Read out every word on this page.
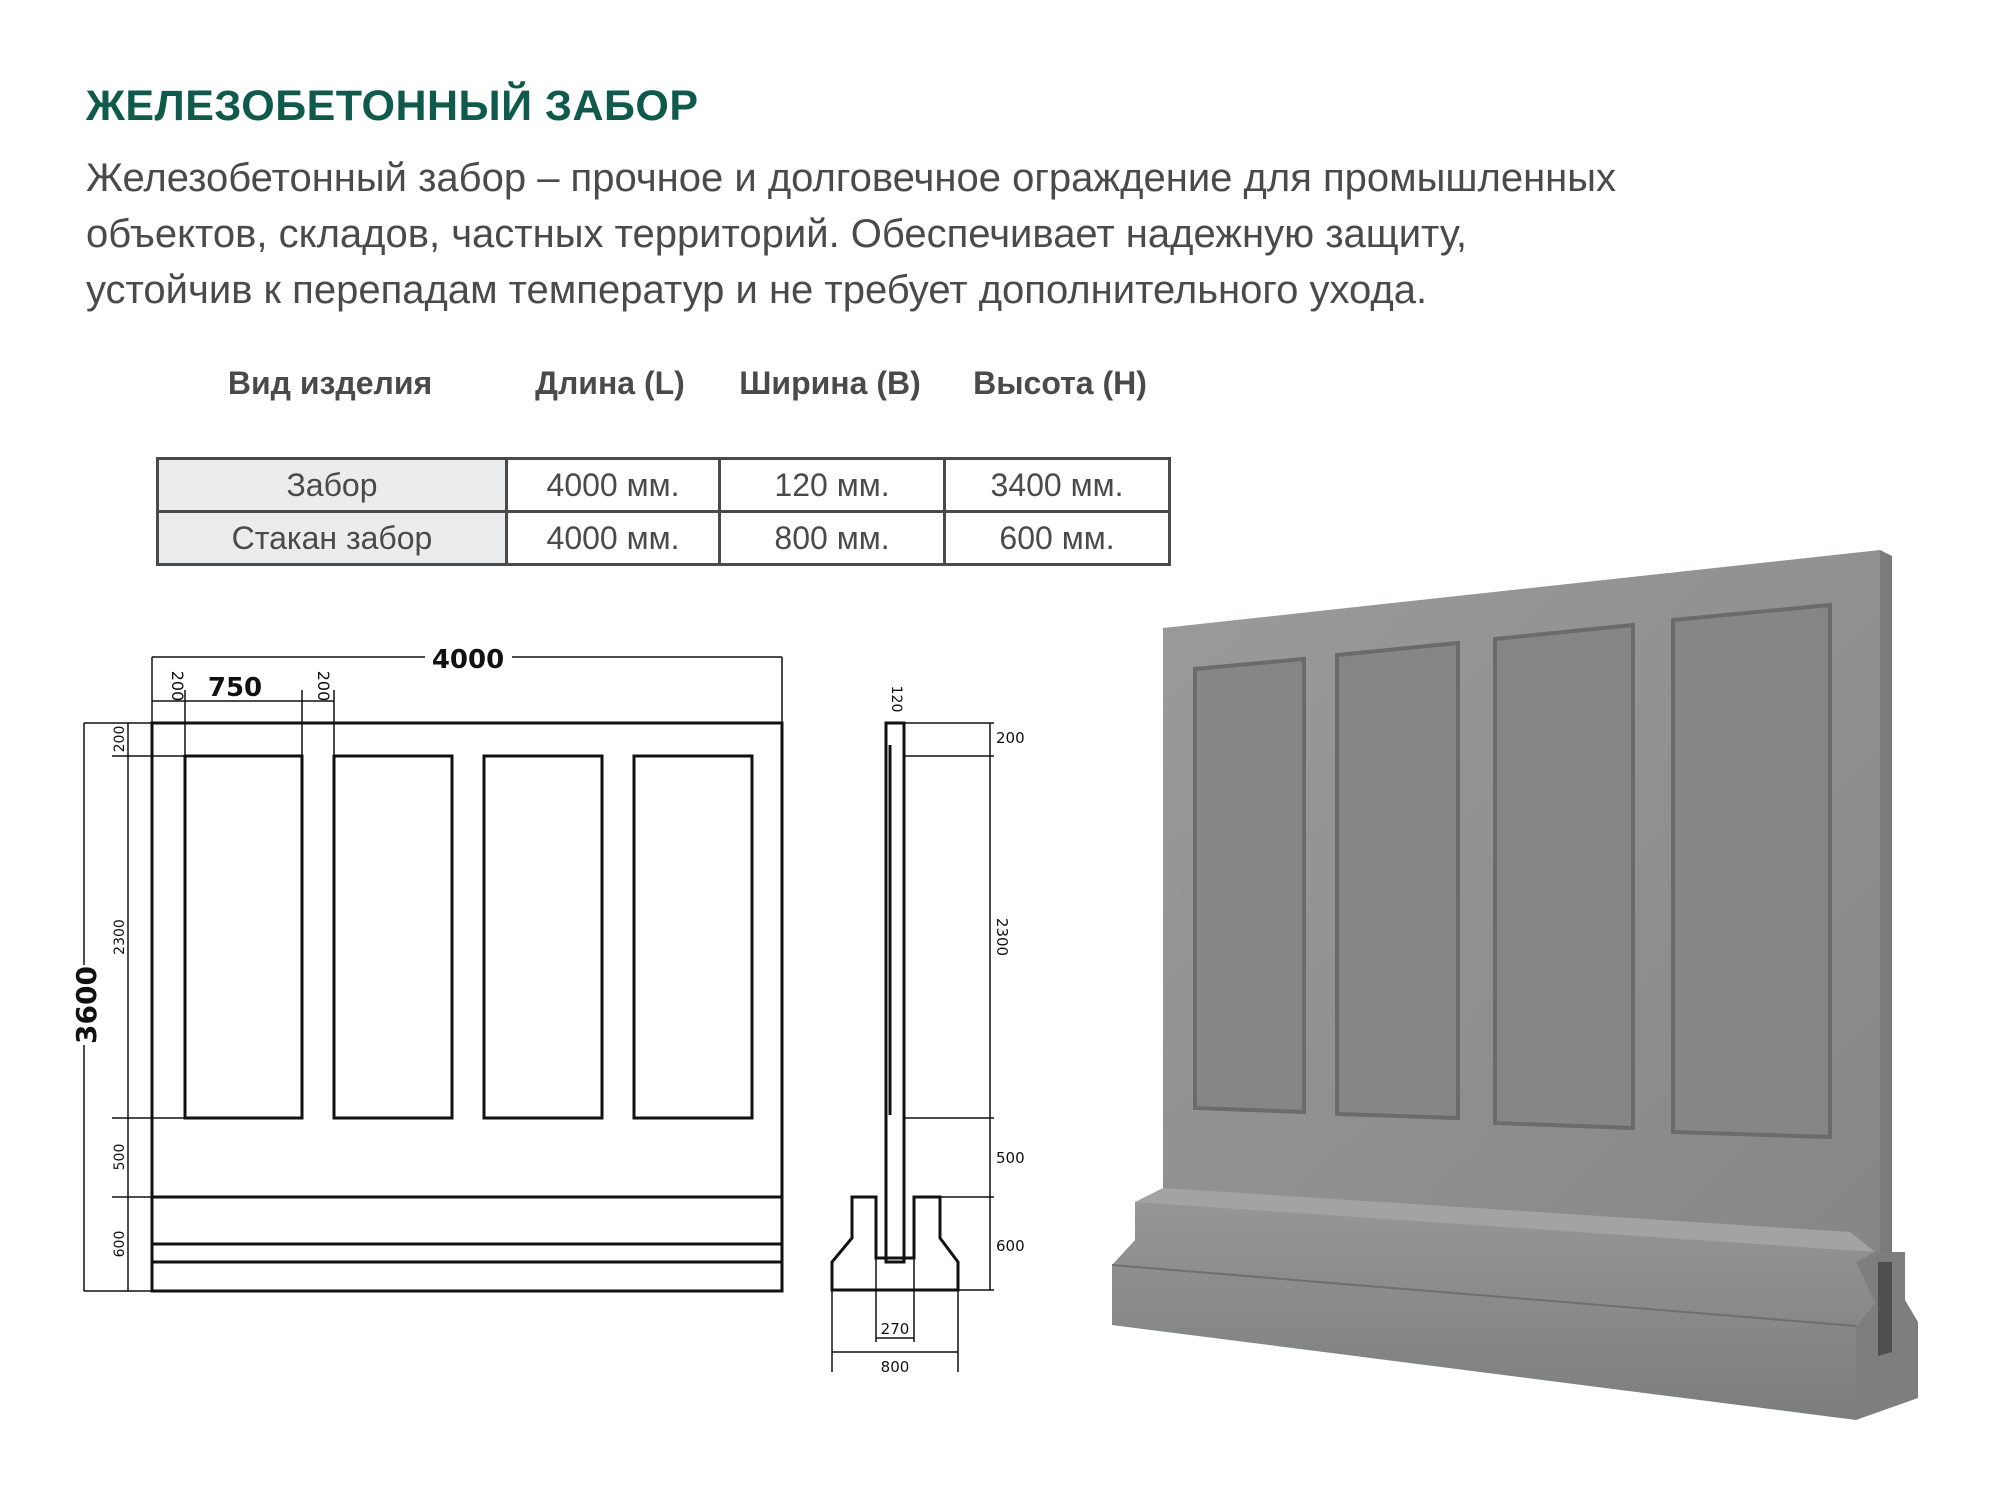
ЖЕЛЕЗОБЕТОННЫЙ ЗАБОР
Железобетонный забор – прочное и долговечное ограждение для промышленных
объектов, складов, частных территорий. Обеспечивает надежную защиту,
устойчив к перепадам температур и не требует дополнительного ухода.
Вид изделия	Длина (L)	Ширина (B)	Высота (H)
Забор	4000 мм.	120 мм.	3400 мм.
Стакан забор	4000 мм.	800 мм.	600 мм.
4000
750
200	200
3600
200
2300
500
600
120
200
2300
500
600
270
800
